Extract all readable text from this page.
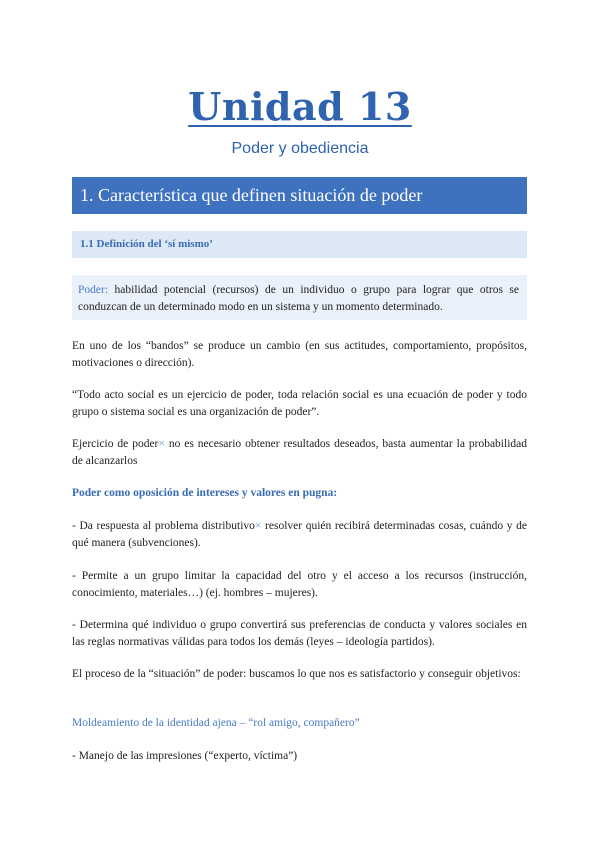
Unidad 13
Poder y obediencia
1. Característica que definen situación de poder
1.1 Definición del ‘sí mismo’
Poder: habilidad potencial (recursos) de un individuo o grupo para lograr que otros se conduzcan de un determinado modo en un sistema y un momento determinado.

En uno de los “bandos” se produce un cambio (en sus actitudes, comportamiento, propósitos, motivaciones o dirección).

“Todo acto social es un ejercicio de poder, toda relación social es una ecuación de poder y todo grupo o sistema social es una organización de poder”.

Ejercicio de poder× no es necesario obtener resultados deseados, basta aumentar la probabilidad de alcanzarlos

Poder como oposición de intereses y valores en pugna:

- Da respuesta al problema distributivo× resolver quién recibirá determinadas cosas, cuándo y de qué manera (subvenciones).

- Permite a un grupo limitar la capacidad del otro y el acceso a los recursos (instrucción, conocimiento, materiales…) (ej. hombres – mujeres).

- Determina qué individuo o grupo convertirá sus preferencias de conducta y valores sociales en las reglas normativas válidas para todos los demás (leyes – ideología partidos).

El proceso de la “situación” de poder: buscamos lo que nos es satisfactorio y conseguir objetivos:

Moldeamiento de la identidad ajena – “rol amigo, compañero”

- Manejo de las impresiones (“experto, víctima”)
